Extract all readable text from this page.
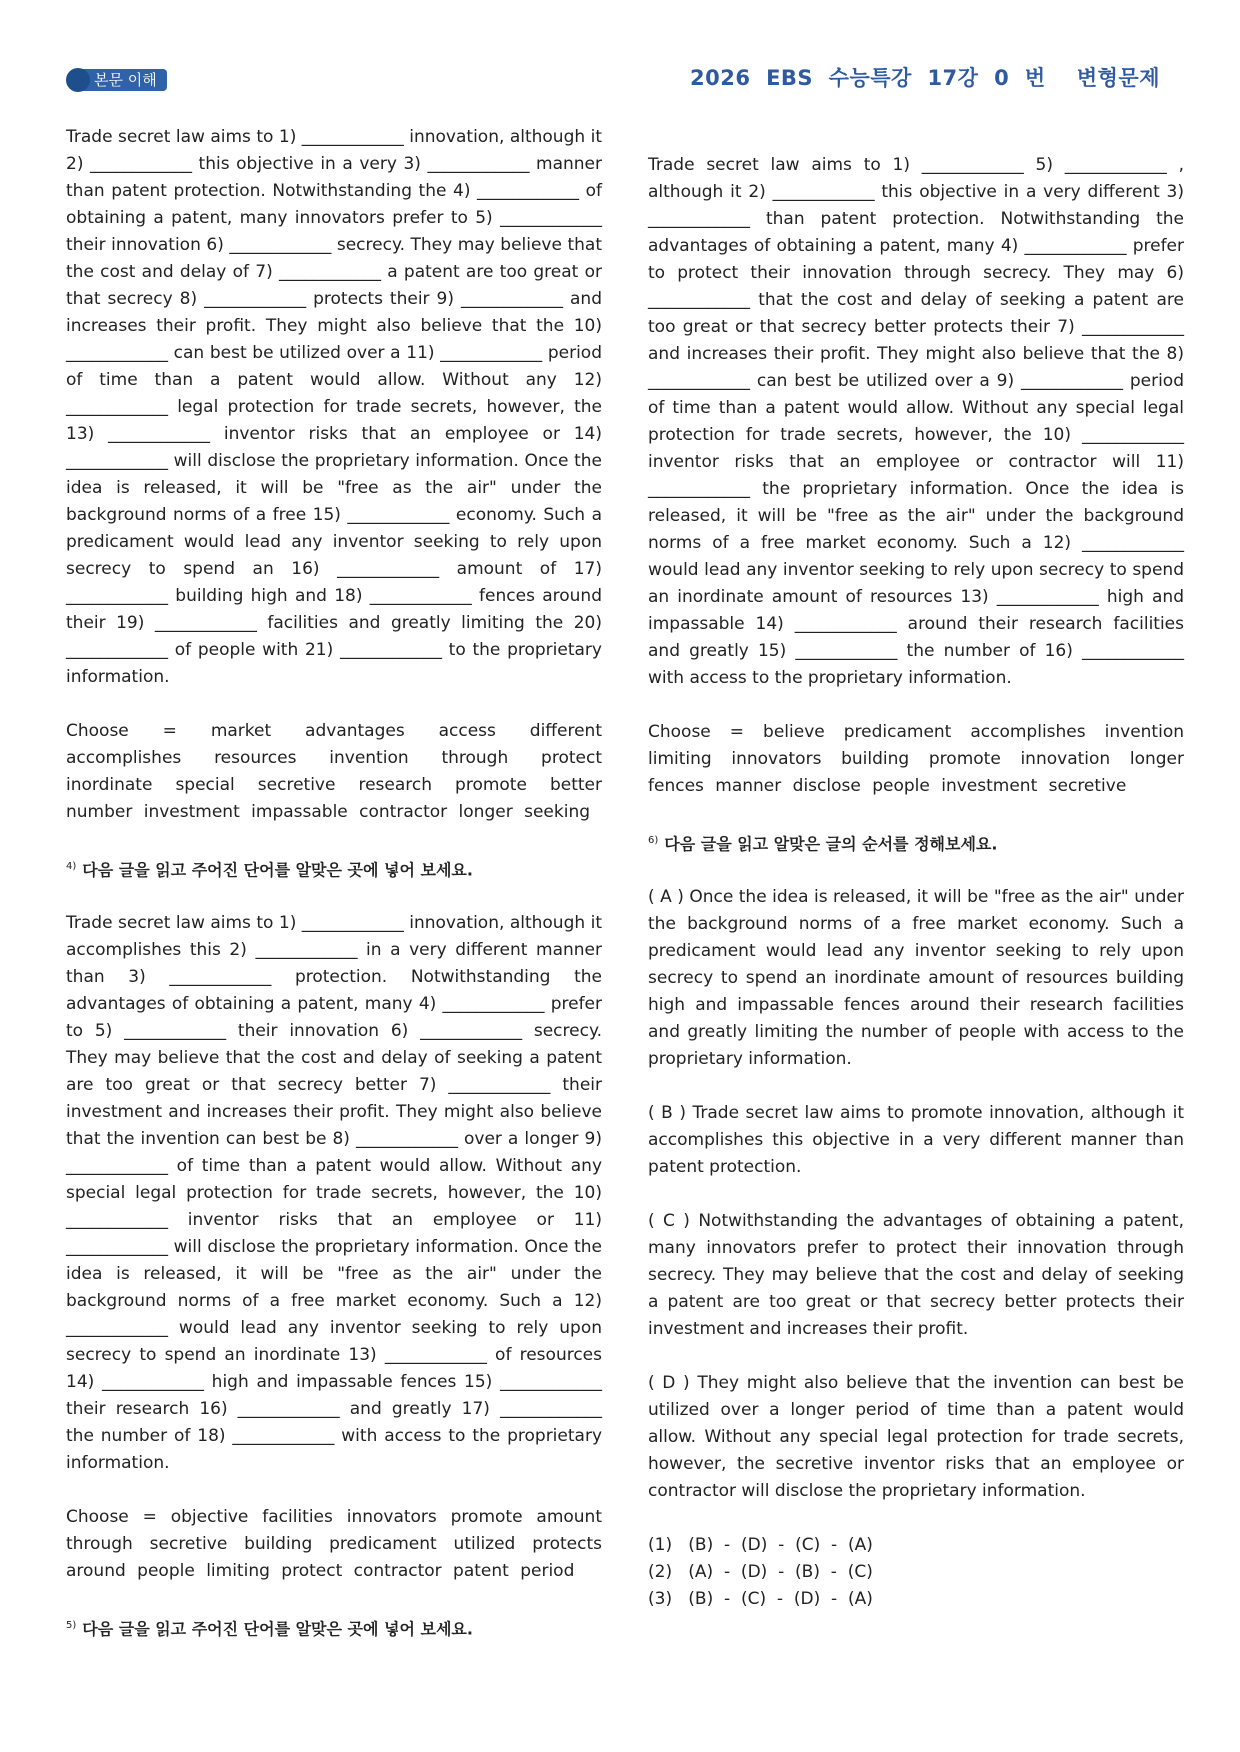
본문 이해	2026  EBS  수능특강  17강  0  번    변형문제

Trade secret law aims to 1) ____________ innovation, although it 2) ____________ this objective in a very 3) ____________ manner than patent protection. Notwithstanding the 4) ____________ of obtaining a patent, many innovators prefer to 5) ____________ their innovation 6) ____________ secrecy. They may believe that the cost and delay of 7) ____________ a patent are too great or that secrecy 8) ____________ protects their 9) ____________ and increases their profit. They might also believe that the 10) ____________ can best be utilized over a 11) ____________ period of time than a patent would allow. Without any 12) ____________ legal protection for trade secrets, however, the 13) ____________ inventor risks that an employee or 14) ____________ will disclose the proprietary information. Once the idea is released, it will be "free as the air" under the background norms of a free 15) ____________ economy. Such a predicament would lead any inventor seeking to rely upon secrecy to spend an 16) ____________ amount of 17) ____________ building high and 18) ____________ fences around their 19) ____________ facilities and greatly limiting the 20) ____________ of people with 21) ____________ to the proprietary information.

Choose = market advantages access different accomplishes resources invention through protect inordinate special secretive research promote better number investment impassable contractor longer seeking

$^{4)}$ 다음 글을 읽고 주어진 단어를 알맞은 곳에 넣어 보세요.

Trade secret law aims to 1) ____________ innovation, although it accomplishes this 2) ____________ in a very different manner than 3) ____________ protection. Notwithstanding the advantages of obtaining a patent, many 4) ____________ prefer to 5) ____________ their innovation 6) ____________ secrecy. They may believe that the cost and delay of seeking a patent are too great or that secrecy better 7) ____________ their investment and increases their profit. They might also believe that the invention can best be 8) ____________ over a longer 9) ____________ of time than a patent would allow. Without any special legal protection for trade secrets, however, the 10) ____________ inventor risks that an employee or 11) ____________ will disclose the proprietary information. Once the idea is released, it will be "free as the air" under the background norms of a free market economy. Such a 12) ____________ would lead any inventor seeking to rely upon secrecy to spend an inordinate 13) ____________ of resources 14) ____________ high and impassable fences 15) ____________ their research 16) ____________ and greatly 17) ____________ the number of 18) ____________ with access to the proprietary information.

Choose = objective facilities innovators promote amount through secretive building predicament utilized protects around people limiting protect contractor patent period

$^{5)}$ 다음 글을 읽고 주어진 단어를 알맞은 곳에 넣어 보세요.

Trade secret law aims to 1) ____________ 5) ____________ , although it 2) ____________ this objective in a very different 3) ____________ than patent protection. Notwithstanding the advantages of obtaining a patent, many 4) ____________ prefer to protect their innovation through secrecy. They may 6) ____________ that the cost and delay of seeking a patent are too great or that secrecy better protects their 7) ____________ and increases their profit. They might also believe that the 8) ____________ can best be utilized over a 9) ____________ period of time than a patent would allow. Without any special legal protection for trade secrets, however, the 10) ____________ inventor risks that an employee or contractor will 11) ____________ the proprietary information. Once the idea is released, it will be "free as the air" under the background norms of a free market economy. Such a 12) ____________ would lead any inventor seeking to rely upon secrecy to spend an inordinate amount of resources 13) ____________ high and impassable 14) ____________ around their research facilities and greatly 15) ____________ the number of 16) ____________ with access to the proprietary information.

Choose = believe predicament accomplishes invention limiting innovators building promote innovation longer fences manner disclose people investment secretive

$^{6)}$ 다음 글을 읽고 알맞은 글의 순서를 정해보세요.

( A ) Once the idea is released, it will be "free as the air" under the background norms of a free market economy. Such a predicament would lead any inventor seeking to rely upon secrecy to spend an inordinate amount of resources building high and impassable fences around their research facilities and greatly limiting the number of people with access to the proprietary information.

( B ) Trade secret law aims to promote innovation, although it accomplishes this objective in a very different manner than patent protection.

( C ) Notwithstanding the advantages of obtaining a patent, many innovators prefer to protect their innovation through secrecy. They may believe that the cost and delay of seeking a patent are too great or that secrecy better protects their investment and increases their profit.

( D ) They might also believe that the invention can best be utilized over a longer period of time than a patent would allow. Without any special legal protection for trade secrets, however, the secretive inventor risks that an employee or contractor will disclose the proprietary information.

(1)   (B)  -  (D)  -  (C)  -  (A)

(2)   (A)  -  (D)  -  (B)  -  (C)

(3)   (B)  -  (C)  -  (D)  -  (A)
